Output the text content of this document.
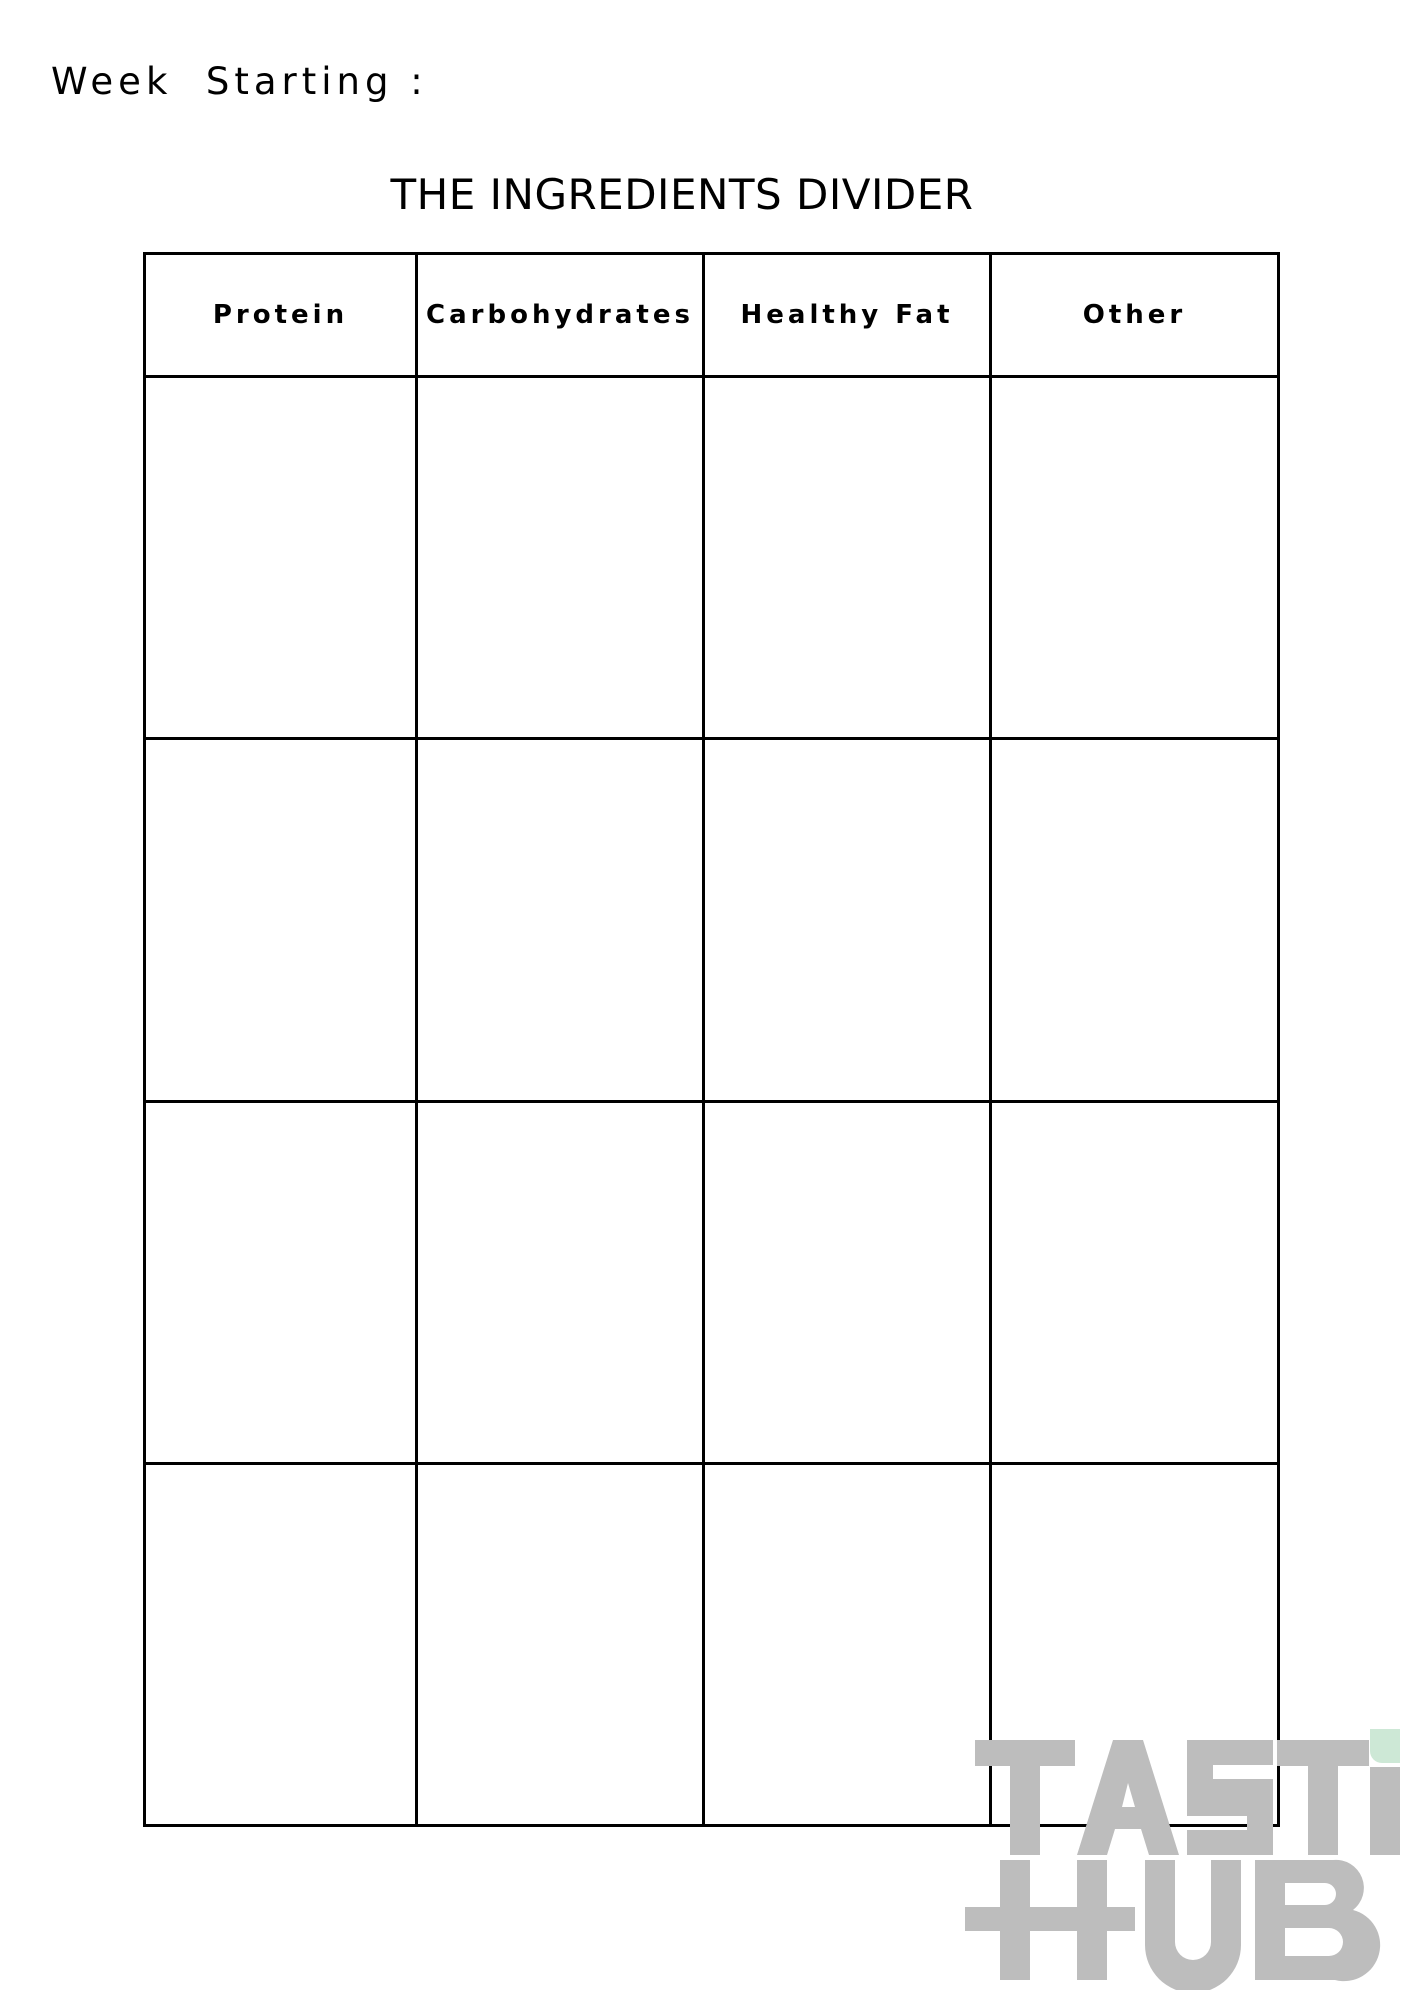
Week  Starting :
THE INGREDIENTS DIVIDER
Protein	Carbohydrates	Healthy Fat	Other
